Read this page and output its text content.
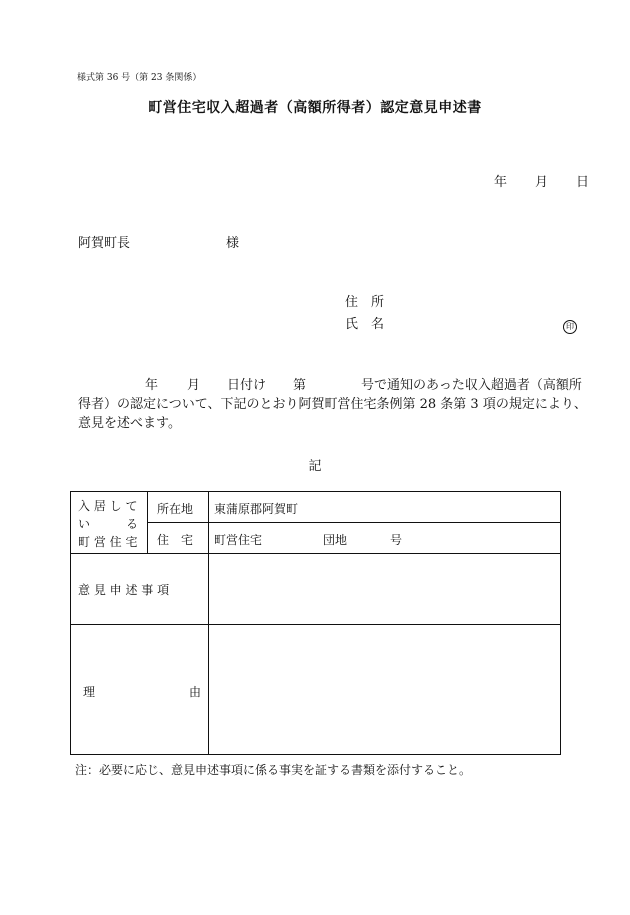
様式第 36 号（第 23 条関係）
町営住宅収入超過者（高額所得者）認定意見申述書
年 月 日
阿賀町長	様
住　所
氏　名	印
年 月 日付け 第	号で通知のあった収入超過者（高額所
得者）の認定について、下記のとおり阿賀町営住宅条例第 28 条第 3 項の規定により、
意見を述べます。
記
入 居 し て
い　　　る
町 営 住 宅
所在地 東蒲原郡阿賀町
住　宅 町営住宅	団地	号
意 見 申 述 事 項
理	由
注：必要に応じ、意見申述事項に係る事実を証する書類を添付すること。
